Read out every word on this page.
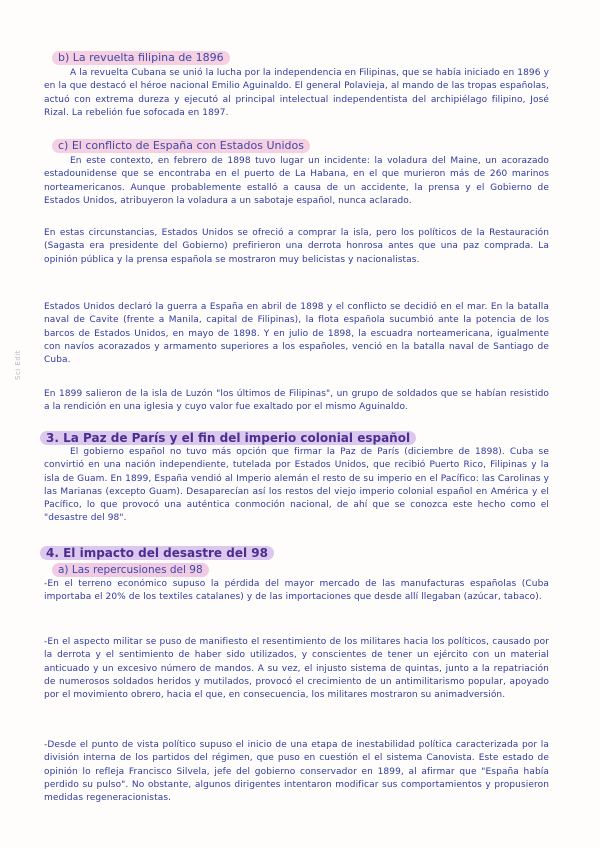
Sci Edit
b) La revuelta filipina de 1896
A la revuelta Cubana se unió la lucha por la independencia en Filipinas, que se había iniciado en 1896 y en la que destacó el héroe nacional Emilio Aguinaldo. El general Polavieja, al mando de las tropas españolas, actuó con extrema dureza y ejecutó al principal intelectual independentista del archipiélago filipino, José Rizal. La rebelión fue sofocada en 1897.
c) El conflicto de España con Estados Unidos
En este contexto, en febrero de 1898 tuvo lugar un incidente: la voladura del Maine, un acorazado estadounidense que se encontraba en el puerto de La Habana, en el que murieron más de 260 marinos norteamericanos. Aunque probablemente estalló a causa de un accidente, la prensa y el Gobierno de Estados Unidos, atribuyeron la voladura a un sabotaje español, nunca aclarado.
En estas circunstancias, Estados Unidos se ofreció a comprar la isla, pero los políticos de la Restauración (Sagasta era presidente del Gobierno) prefirieron una derrota honrosa antes que una paz comprada. La opinión pública y la prensa española se mostraron muy belicistas y nacionalistas.
Estados Unidos declaró la guerra a España en abril de 1898 y el conflicto se decidió en el mar. En la batalla naval de Cavite (frente a Manila, capital de Filipinas), la flota española sucumbió ante la potencia de los barcos de Estados Unidos, en mayo de 1898. Y en julio de 1898, la escuadra norteamericana, igualmente con navíos acorazados y armamento superiores a los españoles, venció en la batalla naval de Santiago de Cuba.
En 1899 salieron de la isla de Luzón "los últimos de Filipinas", un grupo de soldados que se habían resistido a la rendición en una iglesia y cuyo valor fue exaltado por el mismo Aguinaldo.
3. La Paz de París y el fin del imperio colonial español
El gobierno español no tuvo más opción que firmar la Paz de París (diciembre de 1898). Cuba se convirtió en una nación independiente, tutelada por Estados Unidos, que recibió Puerto Rico, Filipinas y la isla de Guam. En 1899, España vendió al Imperio alemán el resto de su imperio en el Pacífico: las Carolinas y las Marianas (excepto Guam). Desaparecían así los restos del viejo imperio colonial español en América y el Pacífico, lo que provocó una auténtica conmoción nacional, de ahí que se conozca este hecho como el "desastre del 98".
4. El impacto del desastre del 98
a) Las repercusiones del 98
-En el terreno económico supuso la pérdida del mayor mercado de las manufacturas españolas (Cuba importaba el 20% de los textiles catalanes) y de las importaciones que desde allí llegaban (azúcar, tabaco).
-En el aspecto militar se puso de manifiesto el resentimiento de los militares hacia los políticos, causado por la derrota y el sentimiento de haber sido utilizados, y conscientes de tener un ejército con un material anticuado y un excesivo número de mandos. A su vez, el injusto sistema de quintas, junto a la repatriación de numerosos soldados heridos y mutilados, provocó el crecimiento de un antimilitarismo popular, apoyado por el movimiento obrero, hacia el que, en consecuencia, los militares mostraron su animadversión.
-Desde el punto de vista político supuso el inicio de una etapa de inestabilidad política caracterizada por la división interna de los partidos del régimen, que puso en cuestión el el sistema Canovista. Este estado de opinión lo refleja Francisco Silvela, jefe del gobierno conservador en 1899, al afirmar que "España había perdido su pulso". No obstante, algunos dirigentes intentaron modificar sus comportamientos y propusieron medidas regeneracionistas.
